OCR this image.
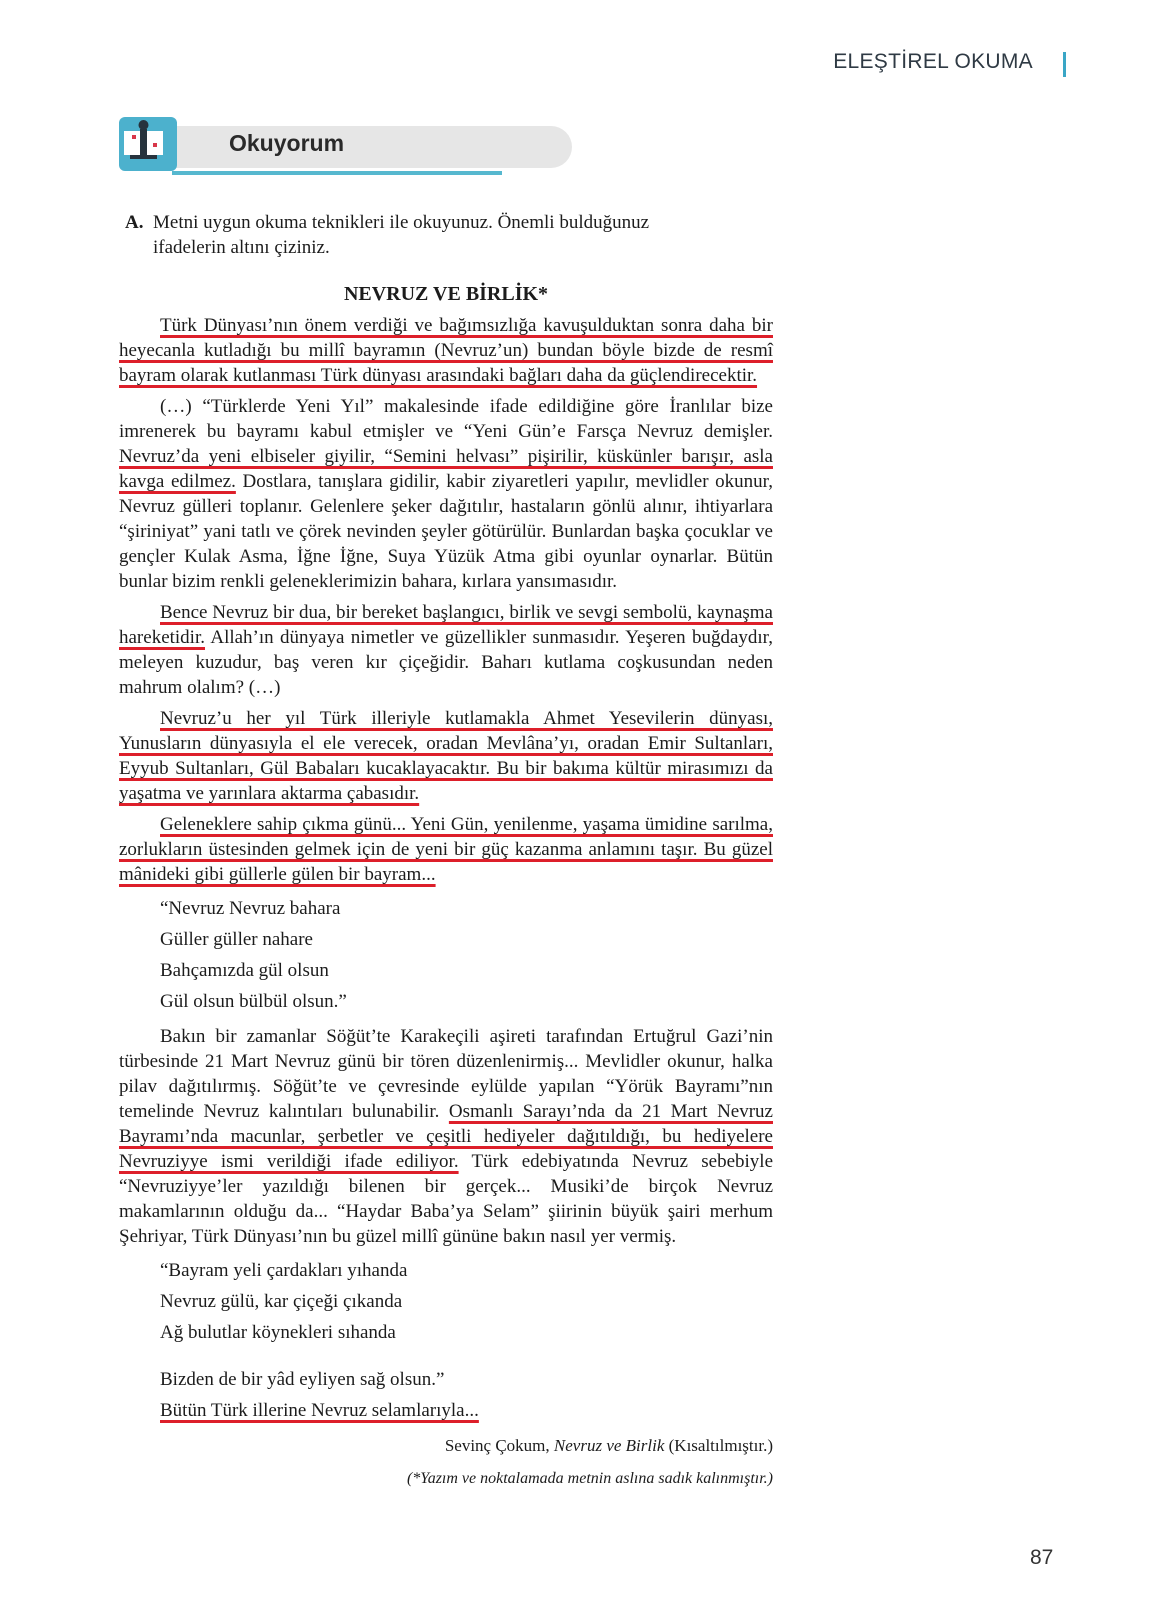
ELEŞTİREL OKUMA
Okuyorum
A. Metni uygun okuma teknikleri ile okuyunuz. Önemli bulduğunuz ifadelerin altını çiziniz.
NEVRUZ VE BİRLİK*

Türk Dünyası’nın önem verdiği ve bağımsızlığa kavuşulduktan sonra daha bir heyecanla kutladığı bu millî bayramın (Nevruz’un) bundan böyle bizde de resmî bayram olarak kutlanması Türk dünyası arasındaki bağları daha da güçlendirecektir.

(…) “Türklerde Yeni Yıl” makalesinde ifade edildiğine göre İranlılar bize imrenerek bu bayramı kabul etmişler ve “Yeni Gün’e Farsça Nevruz demişler. Nevruz’da yeni elbiseler giyilir, “Semini helvası” pişirilir, küskünler barışır, asla kavga edilmez. Dostlara, tanışlara gidilir, kabir ziyaretleri yapılır, mevlidler okunur, Nevruz gülleri toplanır. Gelenlere şeker dağıtılır, hastaların gönlü alınır, ihtiyarlara “şiriniyat” yani tatlı ve çörek nevinden şeyler götürülür. Bunlardan başka çocuklar ve gençler Kulak Asma, İğne İğne, Suya Yüzük Atma gibi oyunlar oynarlar. Bütün bunlar bizim renkli geleneklerimizin bahara, kırlara yansımasıdır.

Bence Nevruz bir dua, bir bereket başlangıcı, birlik ve sevgi sembolü, kaynaşma hareketidir. Allah’ın dünyaya nimetler ve güzellikler sunmasıdır. Yeşeren buğdaydır, meleyen kuzudur, baş veren kır çiçeğidir. Baharı kutlama coşkusundan neden mahrum olalım? (…)

Nevruz’u her yıl Türk illeriyle kutlamakla Ahmet Yesevilerin dünyası, Yunusların dünyasıyla el ele verecek, oradan Mevlâna’yı, oradan Emir Sultanları, Eyyub Sultanları, Gül Babaları kucaklayacaktır. Bu bir bakıma kültür mirasımızı da yaşatma ve yarınlara aktarma çabasıdır.

Geleneklere sahip çıkma günü... Yeni Gün, yenilenme, yaşama ümidine sarılma, zorlukların üstesinden gelmek için de yeni bir güç kazanma anlamını taşır. Bu güzel mânideki gibi güllerle gülen bir bayram...

“Nevruz Nevruz bahara
Güller güller nahare
Bahçamızda gül olsun
Gül olsun bülbül olsun.”

Bakın bir zamanlar Söğüt’te Karakeçili aşireti tarafından Ertuğrul Gazi’nin türbesinde 21 Mart Nevruz günü bir tören düzenlenirmiş... Mevlidler okunur, halka pilav dağıtılırmış. Söğüt’te ve çevresinde eylülde yapılan “Yörük Bayramı”nın temelinde Nevruz kalıntıları bulunabilir. Osmanlı Sarayı’nda da 21 Mart Nevruz Bayramı’nda macunlar, şerbetler ve çeşitli hediyeler dağıtıldığı, bu hediyelere Nevruziyye ismi verildiği ifade ediliyor. Türk edebiyatında Nevruz sebebiyle “Nevruziyye’ler yazıldığı bilenen bir gerçek... Musiki’de birçok Nevruz makamlarının olduğu da... “Haydar Baba’ya Selam” şiirinin büyük şairi merhum Şehriyar, Türk Dünyası’nın bu güzel millî gününe bakın nasıl yer vermiş.

“Bayram yeli çardakları yıhanda
Nevruz gülü, kar çiçeği çıkanda
Ağ bulutlar köynekleri sıhanda
Bizden de bir yâd eyliyen sağ olsun.”
Bütün Türk illerine Nevruz selamlarıyla...
Sevinç Çokum, Nevruz ve Birlik (Kısaltılmıştır.)
(*Yazım ve noktalamada metnin aslına sadık kalınmıştır.)
87
